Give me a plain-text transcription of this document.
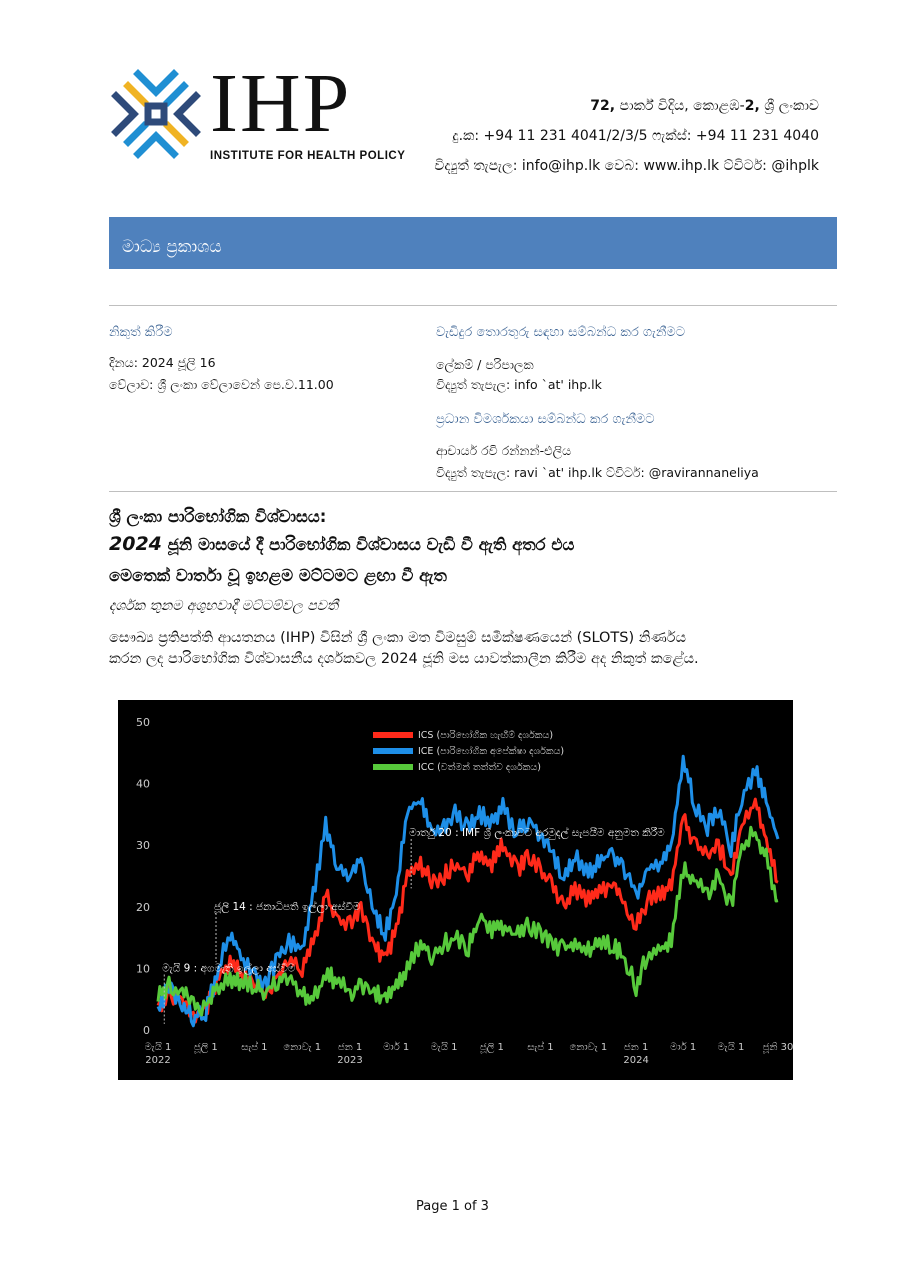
IHP
INSTITUTE FOR HEALTH POLICY
72, පාර්ක් විදිය, කොළඹ-2, ශ්‍රී ලංකාව
දු.ක: +94 11 231 4041/2/3/5 ෆැක්ස්: +94 11 231 4040
විද්‍යුත් තැපැල: info@ihp.lk වෙබ: www.ihp.lk ට්විටර්: @ihplk
මාධ්‍ය ප්‍රකාශය
නිකුත් කිරීම
දිනය: 2024 ජූලි 16
වේලාව: ශ්‍රී ලංකා වේලාවෙන් පෙ.ව.11.00
වැඩිදුර තොරතුරු සඳහා සම්බන්ධ කර ගැනීමට
ලේකම් / පරිපාලක
විද්‍යුත් තැපැල: info `at' ihp.lk
ප්‍රධාන විමර්ශකයා සම්බන්ධ කර ගැනීමට
ආචාර්ය රවි රන්නන්-එලිය
විද්‍යුත් තැපැල: ravi `at' ihp.lk ට්විටර්: @ravirannaneliya
ශ්‍රී ලංකා පාරිභෝගික විශ්වාසය:
2024 ජූනි මාසයේ දී පාරිභෝගික විශ්වාසය වැඩි වී ඇති අතර එය
මෙතෙක් වාර්තා වූ ඉහළම මට්ටමට ළඟා වී ඇත
දර්ශක තුනම අශුභවාදී මට්ටම්වල පවතී
සෞඛ්‍ය ප්‍රතිපත්ති ආයතනය (IHP) විසින් ශ්‍රී ලංකා මත විමසුම් සමීක්ෂණයෙන් (SLOTS) නිර්ණය
කරන ලද පාරිභෝගික විශ්වාසනීය දර්ශකවල 2024 ජූනි මස යාවත්කාලීන කිරීම අද නිකුත් කළේය.
0
10
20
30
40
50
මැයි 1
2022
ජූලි 1 සැප් 1 නොවැ 1 ජන 1
2023
මාර් 1 මැයි 1 ජූලි 1 සැප් 1 නොවැ 1 ජන 1
2024
මාර් 1 මැයි 1 ජූනි 30
මැයි 9 : අගමැති ඉල්ලා අස්වීම
ජූලි 14 : ජනාධිපති ඉල්ලා අස්වීම
මාර්තු 20 : IMF ශ්‍රී ලංකාවට අරමුදල් සැපයීම අනුමත කිරීම
ICS (පාරිභෝගික හැඟීම් දර්ශකය)
ICE (පාරිභෝගික අපේක්ෂා දර්ශකය)
ICC (වත්මන් තත්ත්ව දර්ශකය)
Page 1 of 3
